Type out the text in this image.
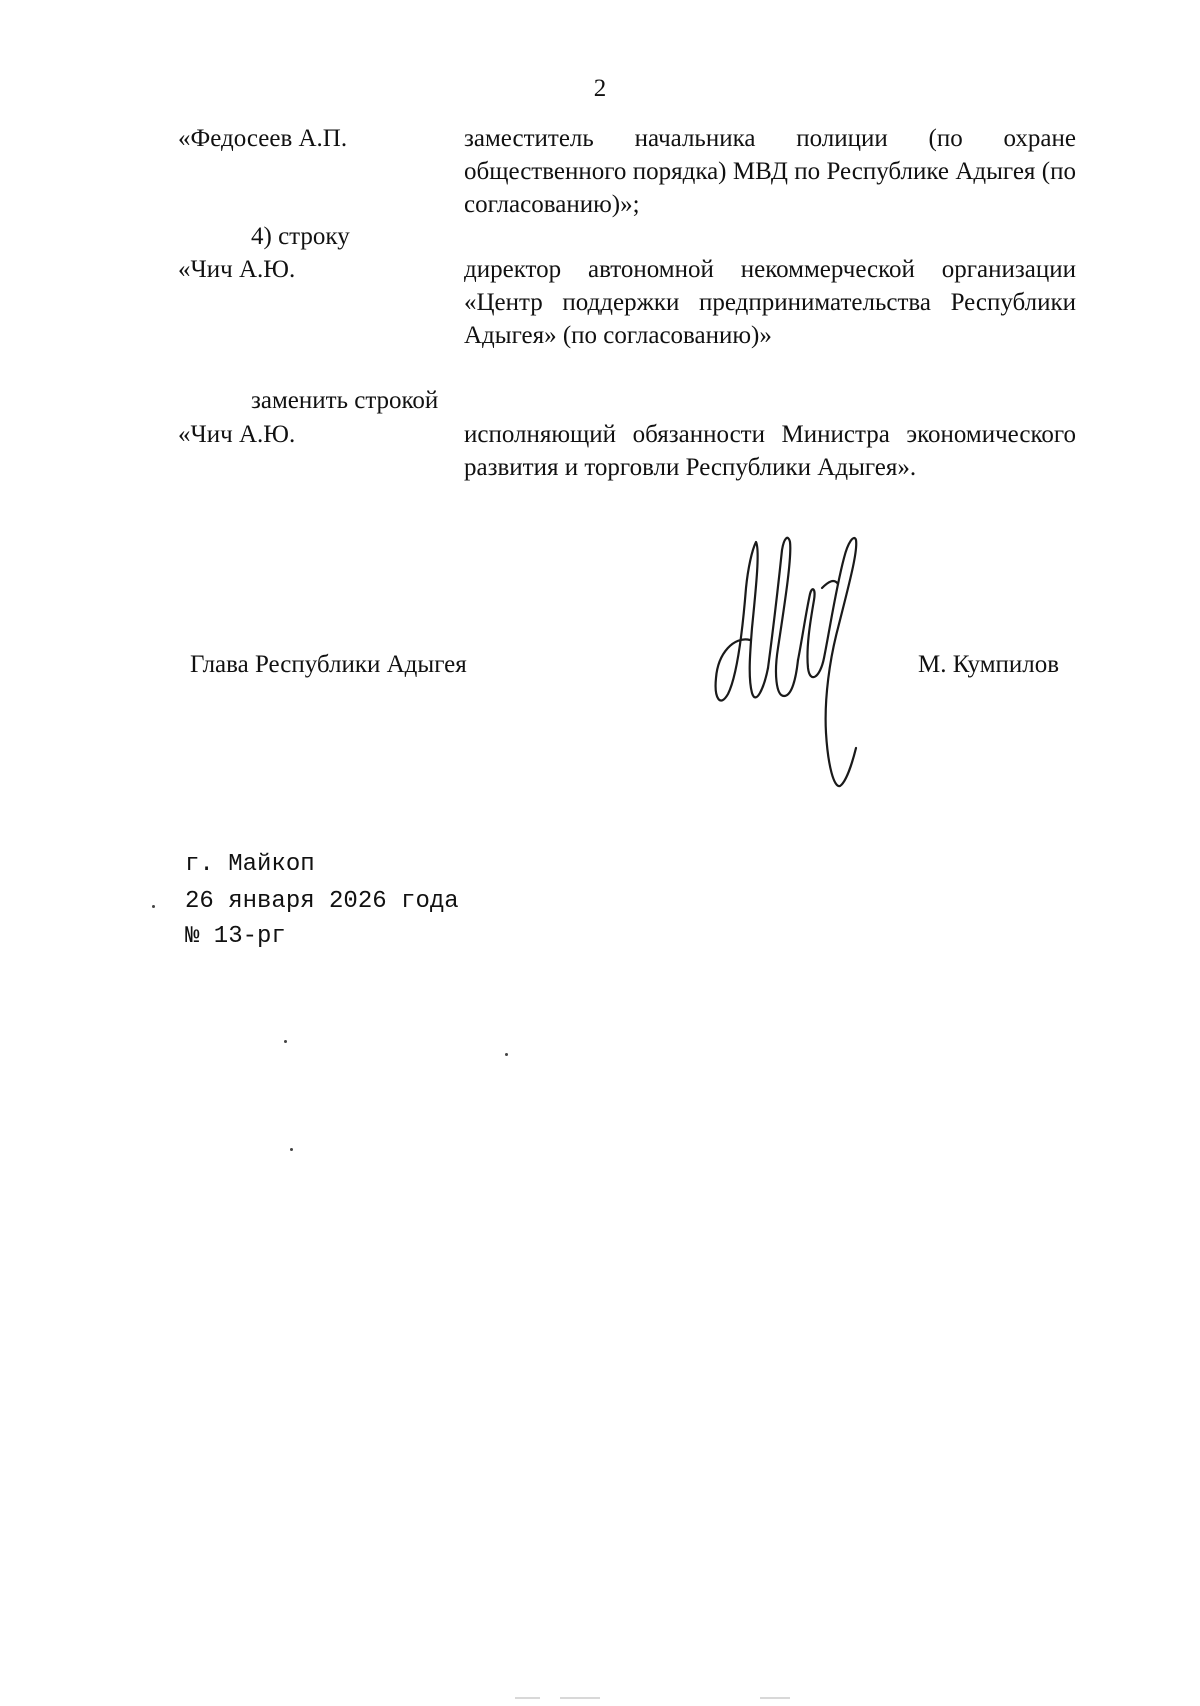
2
«Федосеев А.П.	заместитель начальника полиции (по охране общественного порядка) МВД по Республике Адыгея (по согласованию)»;
4) строку
«Чич А.Ю.	директор автономной некоммерческой организации «Центр поддержки предпринимательства Республики Адыгея» (по согласованию)»
заменить строкой
«Чич А.Ю.	исполняющий обязанности Министра экономического развития и торговли Республики Адыгея».
Глава Республики Адыгея	М. Кумпилов
г. Майкоп
26 января 2026 года
№ 13-рг
